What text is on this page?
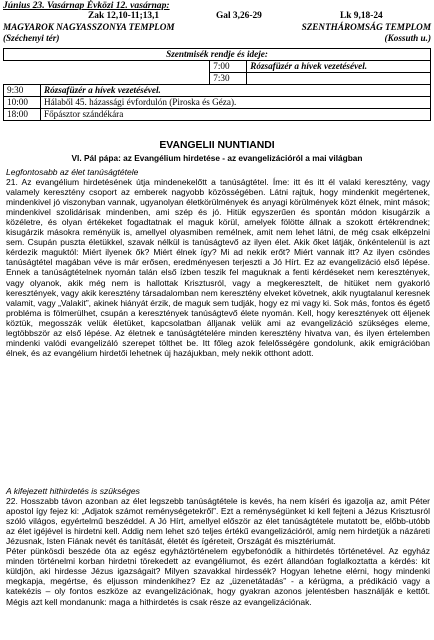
Június 23. Vasárnap Évközi 12. vasárnap:
Zak 12,10-11;13,1	Gal 3,26-29	Lk 9,18-24
MAGYAROK NAGYASSZONYA TEMPLOM
(Széchenyi tér)
SZENTHÁROMSÁG TEMPLOM
(Kossuth u.)
Szentmisék rendje és ideje:			
		7:00	Rózsafüzér a hívek vezetésével.
		7:30	
9:30	Rózsafüzér a hívek vezetésével.		
10:00	Hálaből 45. házassági évfordulón (Piroska és Géza).		
18:00	Főpásztor szándékára		
EVANGELII NUNTIANDI
VI. Pál pápa: az Evangélium hirdetése - az evangelizációról a mai világban
Legfontosabb az élet tanúságtétele

21. Az evangélium hirdetésének útja mindenekelőtt a tanúságtétel. Íme: itt és itt él valaki keresztény, vagy valamely keresztény csoport az emberek nagyobb közösségében. Látni rajtuk, hogy mindenkit megértenek, mindenkivel jó viszonyban vannak, ugyanolyan életkörülmények és anyagi körülmények közt élnek, mint mások; mindenkivel szolidárisak mindenben, ami szép és jó. Hitük egyszerűen és spontán módon kisugárzik a közéletre, és olyan értékeket fogadtatnak el maguk körül, amelyek fölötte állnak a szokott értékrendnek; kisugárzik másokra reményük is, amellyel olyasmiben remélnek, amit nem lehet látni, de még csak elképzelni sem. Csupán puszta életükkel, szavak nélkül is tanúságtevő az ilyen élet. Akik őket látják, önkéntelenül is azt kérdezik maguktól: Miért ilyenek ők? Miért élnek így? Mi ad nekik erőt? Miért vannak itt? Az ilyen csöndes tanúságtétel magában véve is már erősen, eredményesen terjeszti a Jó Hírt. Ez az evangelizáció első lépése. Ennek a tanúságtételnek nyomán talán első ízben teszik fel maguknak a fenti kérdéseket nem keresztények, vagy olyanok, akik még nem is hallottak Krisztusról, vagy a megkeresztelt, de hitüket nem gyakorló keresztények, vagy akik keresztény társadalomban nem keresztény elveket követnek, akik nyugtalanul keresnek valamit, vagy „Valakit”, akinek hiányát érzik, de maguk sem tudják, hogy ez mi vagy ki. Sok más, fontos és égető probléma is fölmerülhet, csupán a keresztények tanúságtevő élete nyomán. Kell, hogy keresztények ott éljenek köztük, megosszák velük életüket, kapcsolatban álljanak velük ami az evangelizáció szükséges eleme, legtöbbször az első lépése. Az életnek e tanúságtételére minden keresztény hivatva van, és ilyen értelemben mindenki valódi evangelizáló szerepet tölthet be. Itt főleg azok felelősségére gondolunk, akik emigrációban élnek, és az evangélium hirdetői lehetnek új hazájukban, mely nekik otthont adott.

A kifejezett hithirdetés is szükséges

22. Hosszabb távon azonban az élet legszebb tanúságtétele is kevés, ha nem kíséri és igazolja az, amit Péter apostol így fejez ki: „Adjatok számot reménységetekről”. Ezt a reménységünket ki kell fejteni a Jézus Krisztusról szóló világos, egyértelmű beszéddel. A Jó Hírt, amellyel először az élet tanúságtétele mutatott be, előbb-utóbb az élet igéjével is hirdetni kell. Addig nem lehet szó teljes értékű evangelizációról, amíg nem hirdetjük a názáreti Jézusnak, Isten Fiának nevét és tanítását, életét és ígéreteit, Országát és misztériumát.
Péter pünkösdi beszéde óta az egész egyháztörténelem egybefonódik a hithirdetés történetével. Az egyház minden történelmi korban hirdetni törekedett az evangéliumot, és ezért állandóan foglalkoztatta a kérdés: kit küldjön, aki hirdesse Jézus igazságait? Milyen szavakkal hirdessék? Hogyan lehetne elérni, hogy mindenki megkapja, megértse, és eljusson mindenkihez? Ez az „üzenetátadás” - a kérügma, a prédikáció vagy a katekézis – oly fontos eszköze az evangelizációnak, hogy gyakran azonos jelentésben használják e kettőt. Mégis azt kell mondanunk: maga a hithirdetés is csak része az evangelizációnak.
